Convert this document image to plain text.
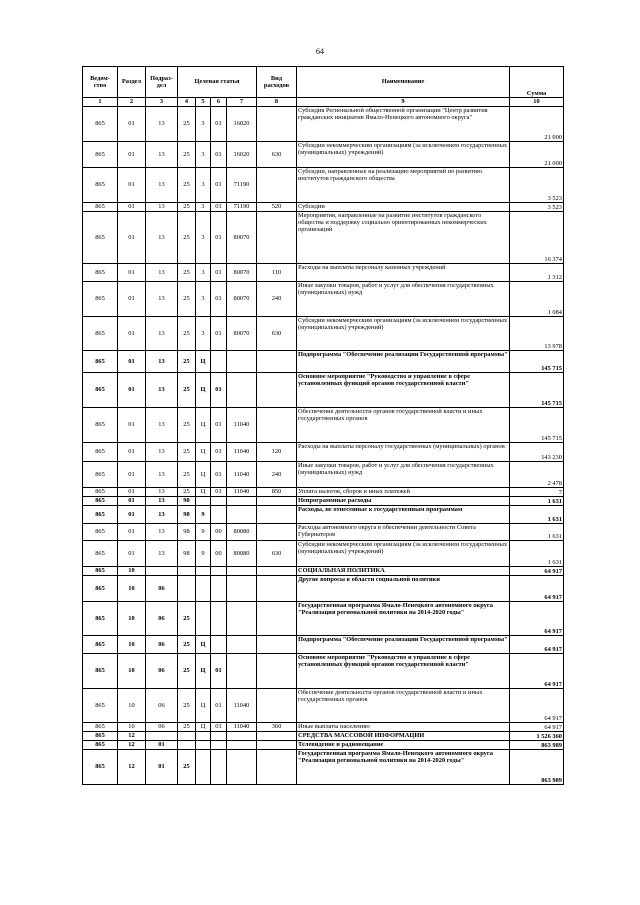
64
Ведом-ство	Раздел	Подраз-дел	Целевая статья				Вид расходов	Наименование	Сумма
1	2	3	4	5	6	7	8	9	10
865	01	13	25	3	01	16020		Субсидия Региональной общественной организации "Центр развития гражданских инициатив Ямало-Ненецкого автономного округа"	21 000
865	01	13	25	3	01	16020	630	Субсидии некоммерческим организациям (за исключением государственных (муниципальных) учреждений)	21 000
865	01	13	25	3	01	71190		Субсидии, направленные на реализацию мероприятий по развитию институтов гражданского общества	3 523
865	01	13	25	3	01	71190	520	Субсидии	3 523
865	01	13	25	3	01	80070		Мероприятия, направленные на развитие институтов гражданского общества и поддержку социально ориентированных некоммерческих организаций	16 374
865	01	13	25	3	01	80070	110	Расходы на выплаты персоналу казенных учреждений	1 312
865	01	13	25	3	01	80070	240	Иные закупки товаров, работ и услуг для обеспечения государственных (муниципальных) нужд	1 084
865	01	13	25	3	01	80070	630	Субсидии некоммерческим организациям (за исключением государственных (муниципальных) учреждений)	13 978
865	01	13	25	Ц				Подпрограмма "Обеспечение реализации Государственной программы"	145 715
865	01	13	25	Ц	01			Основное мероприятие "Руководство и управление в сфере установленных функций органов государственной власти"	145 715
865	01	13	25	Ц	01	11040		Обеспечение деятельности органов государственной власти и иных государственных органов	145 715
865	01	13	25	Ц	01	11040	120	Расходы на выплаты персоналу государственных (муниципальных) органов	143 230
865	01	13	25	Ц	01	11040	240	Иные закупки товаров, работ и услуг для обеспечения государственных (муниципальных) нужд	2 478
865	01	13	25	Ц	01	11040	850	Уплата налогов, сборов и иных платежей	7
865	01	13	98					Непрограммные расходы	1 631
865	01	13	98	9				Расходы, не отнесенные к государственным программам	1 631
865	01	13	98	9	00	80080		Расходы автономного округа в обеспечении деятельности Совета Губернаторов	1 631
865	01	13	98	9	00	80080	630	Субсидии некоммерческим организациям (за исключением государственных (муниципальных) учреждений)	1 631
865	10							СОЦИАЛЬНАЯ ПОЛИТИКА	64 917
865	10	06						Другие вопросы в области социальной политики	64 917
865	10	06	25					Государственная программа Ямало-Ненецкого автономного округа "Реализация региональной политики на 2014-2020 годы"	64 917
865	10	06	25	Ц				Подпрограмма "Обеспечение реализации Государственной программы"	64 917
865	10	06	25	Ц	01			Основное мероприятие "Руководство и управление в сфере установленных функций органов государственной власти"	64 917
865	10	06	25	Ц	01	11040		Обеспечение деятельности органов государственной власти и иных государственных органов	64 917
865	10	06	25	Ц	01	11040	360	Иные выплаты населению	64 917
865	12							СРЕДСТВА МАССОВОЙ ИНФОРМАЦИИ	1 526 360
865	12	01						Телевидение и радиовещание	863 989
865	12	01	25					Государственная программа Ямало-Ненецкого автономного округа "Реализация региональной политики на 2014-2020 годы"	863 989
